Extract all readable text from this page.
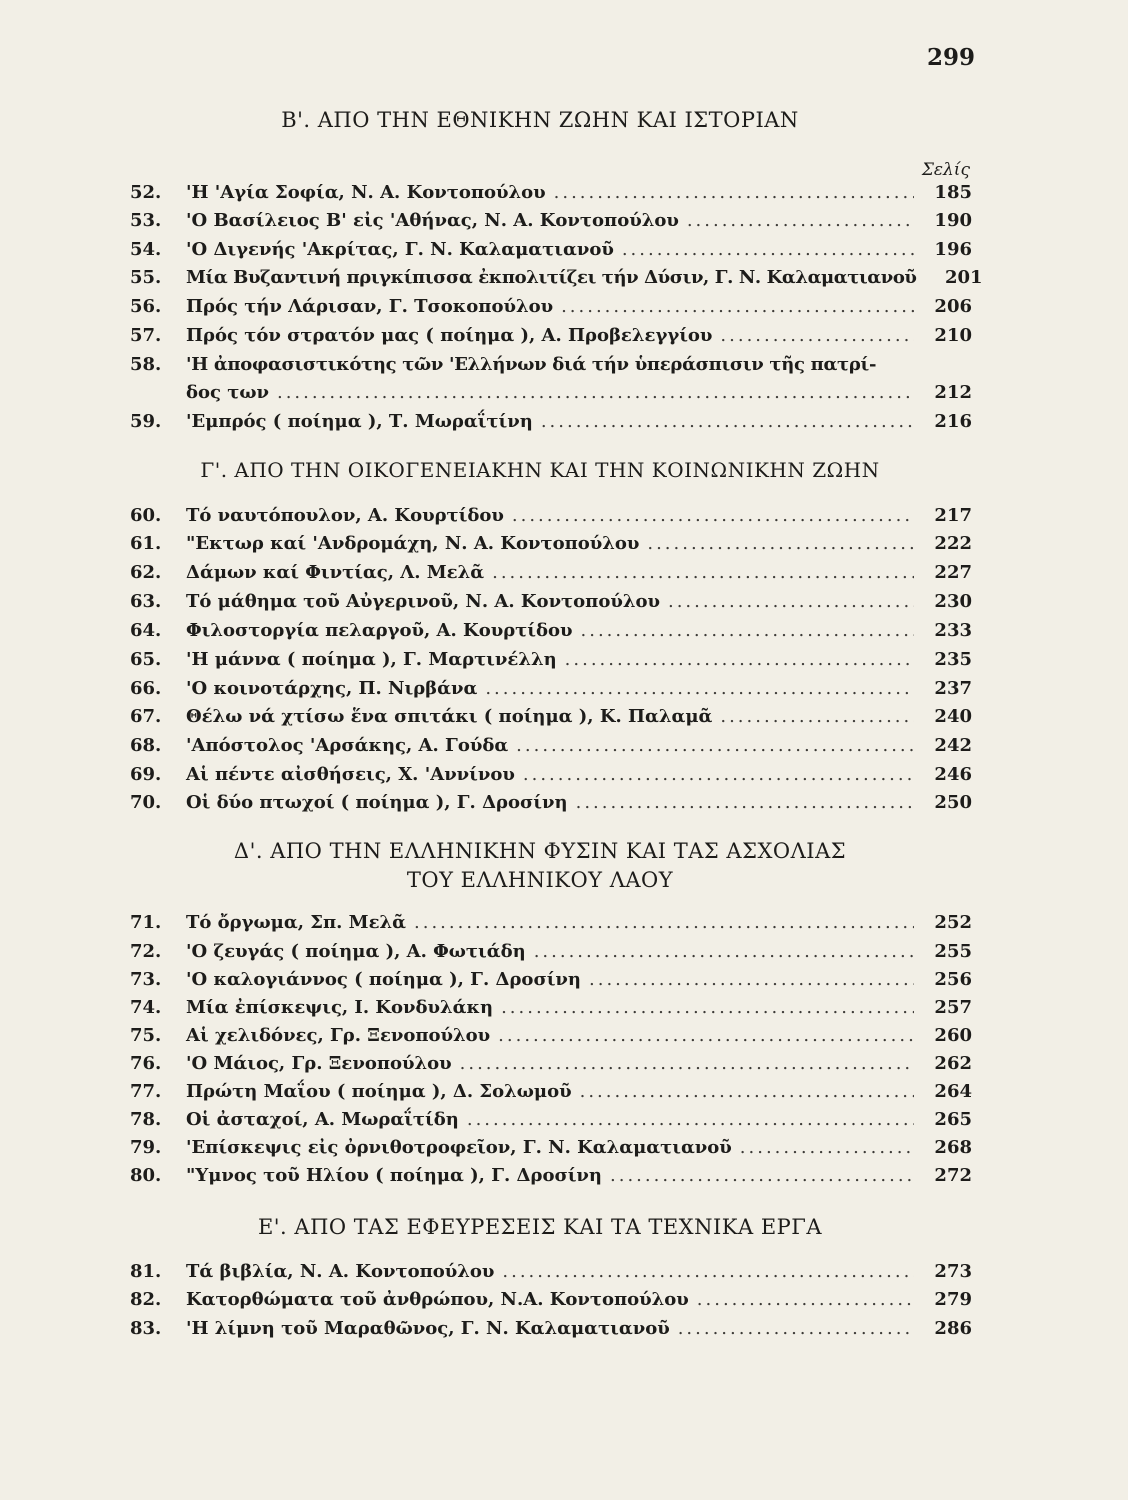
299
Β'. ΑΠΟ ΤΗΝ ΕΘΝΙΚΗΝ ΖΩΗΝ ΚΑΙ ΙΣΤΟΡΙΑΝ
Σελίς
52.	'Η 'Αγία Σοφία, Ν. Α. Κοντοπούλου .....	185
53.	'Ο Βασίλειος Β' εἰς 'Αθήνας, Ν. Α. Κοντοπούλου .....	190
54.	'Ο Διγενής 'Ακρίτας, Γ. Ν. Καλαματιανοῦ .....	196
55.	Μία Βυζαντινή πριγκίπισσα ἐκπολιτίζει τήν Δύσιν, Γ. Ν. Καλαματιανοῦ	201
56.	Πρός τήν Λάρισαν, Γ. Τσοκοπούλου .....	206
57.	Πρός τόν στρατόν μας ( ποίημα ), Α. Προβελεγγίου .....	210
58.	'Η ἀποφασιστικότης τῶν 'Ελλήνων διά τήν ὑπεράσπισιν τῆς πατρί-
δος των .....	212
59.	'Εμπρός ( ποίημα ), Τ. Μωραΐτίνη .....	216
Γ'. ΑΠΟ ΤΗΝ ΟΙΚΟΓΕΝΕΙΑΚΗΝ ΚΑΙ ΤΗΝ ΚΟΙΝΩΝΙΚΗΝ ΖΩΗΝ
60.	Τό ναυτόπουλον, Α. Κουρτίδου .....	217
61.	"Εκτωρ καί 'Ανδρομάχη, Ν. Α. Κοντοπούλου .....	222
62.	Δάμων καί Φιντίας, Λ. Μελᾶ .....	227
63.	Τό μάθημα τοῦ Αὐγερινοῦ, Ν. Α. Κοντοπούλου .....	230
64.	Φιλοστοργία πελαργοῦ, Α. Κουρτίδου .....	233
65.	'Η μάννα ( ποίημα ), Γ. Μαρτινέλλη .....	235
66.	'Ο κοινοτάρχης, Π. Νιρβάνα .....	237
67.	Θέλω νά χτίσω ἕνα σπιτάκι ( ποίημα ), Κ. Παλαμᾶ .....	240
68.	'Απόστολος 'Αρσάκης, Α. Γούδα .....	242
69.	Αἱ πέντε αἰσθήσεις, Χ. 'Αννίνου .....	246
70.	Οἱ δύο πτωχοί ( ποίημα ), Γ. Δροσίνη .....	250
Δ'. ΑΠΟ ΤΗΝ ΕΛΛΗΝΙΚΗΝ ΦΥΣΙΝ ΚΑΙ ΤΑΣ ΑΣΧΟΛΙΑΣ
ΤΟΥ ΕΛΛΗΝΙΚΟΥ ΛΑΟΥ
71.	Τό ὄργωμα, Σπ. Μελᾶ .....	252
72.	'Ο ζευγάς ( ποίημα ), Α. Φωτιάδη .....	255
73.	'Ο καλογιάννος ( ποίημα ), Γ. Δροσίνη .....	256
74.	Μία ἐπίσκεψις, Ι. Κονδυλάκη .....	257
75.	Αἱ χελιδόνες, Γρ. Ξενοπούλου .....	260
76.	'Ο Μάιος, Γρ. Ξενοπούλου .....	262
77.	Πρώτη Μαΐου ( ποίημα ), Δ. Σολωμοῦ .....	264
78.	Οἱ ἀσταχοί, Α. Μωραΐτίδη .....	265
79.	'Επίσκεψις εἰς ὀρνιθοτροφεῖον, Γ. Ν. Καλαματιανοῦ .....	268
80.	"Υμνος τοῦ Ηλίου ( ποίημα ), Γ. Δροσίνη .....	272
Ε'. ΑΠΟ ΤΑΣ ΕΦΕΥΡΕΣΕΙΣ ΚΑΙ ΤΑ ΤΕΧΝΙΚΑ ΕΡΓΑ
81.	Τά βιβλία, Ν. Α. Κοντοπούλου .....	273
82.	Κατορθώματα τοῦ ἀνθρώπου, Ν.Α. Κοντοπούλου .....	279
83.	'Η λίμνη τοῦ Μαραθῶνος, Γ. Ν. Καλαματιανοῦ .....	286
